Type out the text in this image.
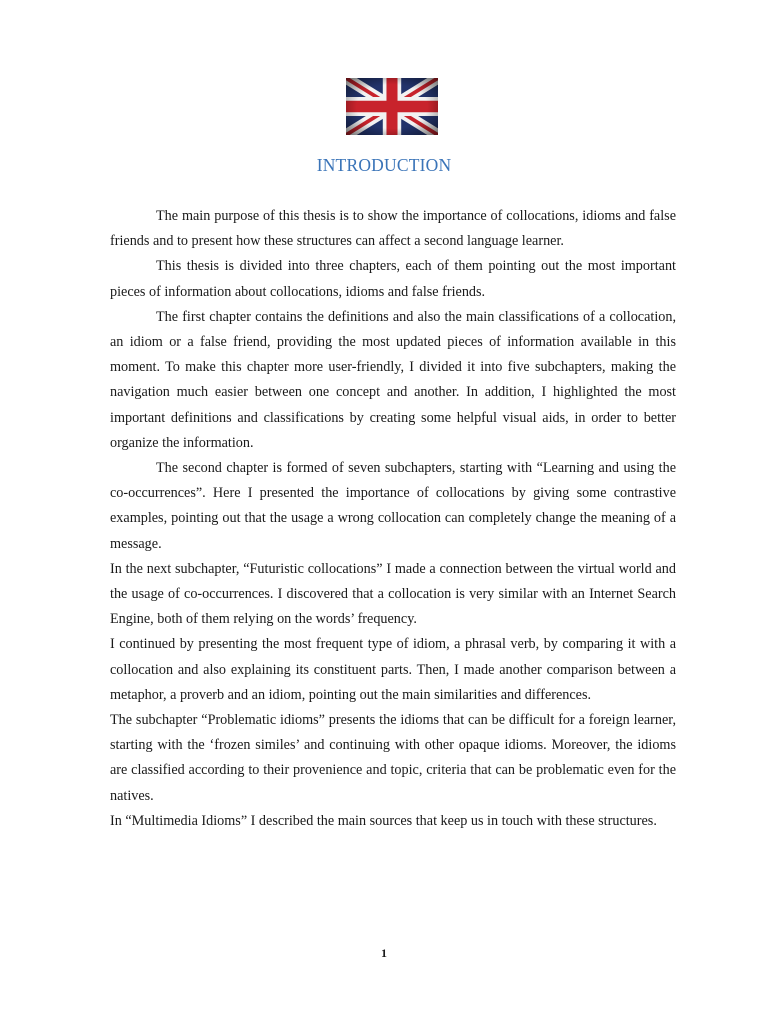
INTRODUCTION

The main purpose of this thesis is to show the importance of collocations, idioms and false friends and to present how these structures can affect a second language learner.

This thesis is divided into three chapters, each of them pointing out the most important pieces of information about collocations, idioms and false friends.

The first chapter contains the definitions and also the main classifications of a collocation, an idiom or a false friend, providing the most updated pieces of information available in this moment. To make this chapter more user-friendly, I divided it into five subchapters, making the navigation much easier between one concept and another. In addition, I highlighted the most important definitions and classifications by creating some helpful visual aids, in order to better organize the information.

The second chapter is formed of seven subchapters, starting with “Learning and using the co-occurrences”. Here I presented the importance of collocations by giving some contrastive examples, pointing out that the usage a wrong collocation can completely change the meaning of a message.

In the next subchapter, “Futuristic collocations” I made a connection between the virtual world and the usage of co-occurrences. I discovered that a collocation is very similar with an Internet Search Engine, both of them relying on the words’ frequency.

I continued by presenting the most frequent type of idiom, a phrasal verb, by comparing it with a collocation and also explaining its constituent parts. Then, I made another comparison between a metaphor, a proverb and an idiom, pointing out the main similarities and differences.

The subchapter “Problematic idioms” presents the idioms that can be difficult for a foreign learner, starting with the ‘frozen similes’ and continuing with other opaque idioms. Moreover, the idioms are classified according to their provenience and topic, criteria that can be problematic even for the natives.

In “Multimedia Idioms” I described the main sources that keep us in touch with these structures.

1
